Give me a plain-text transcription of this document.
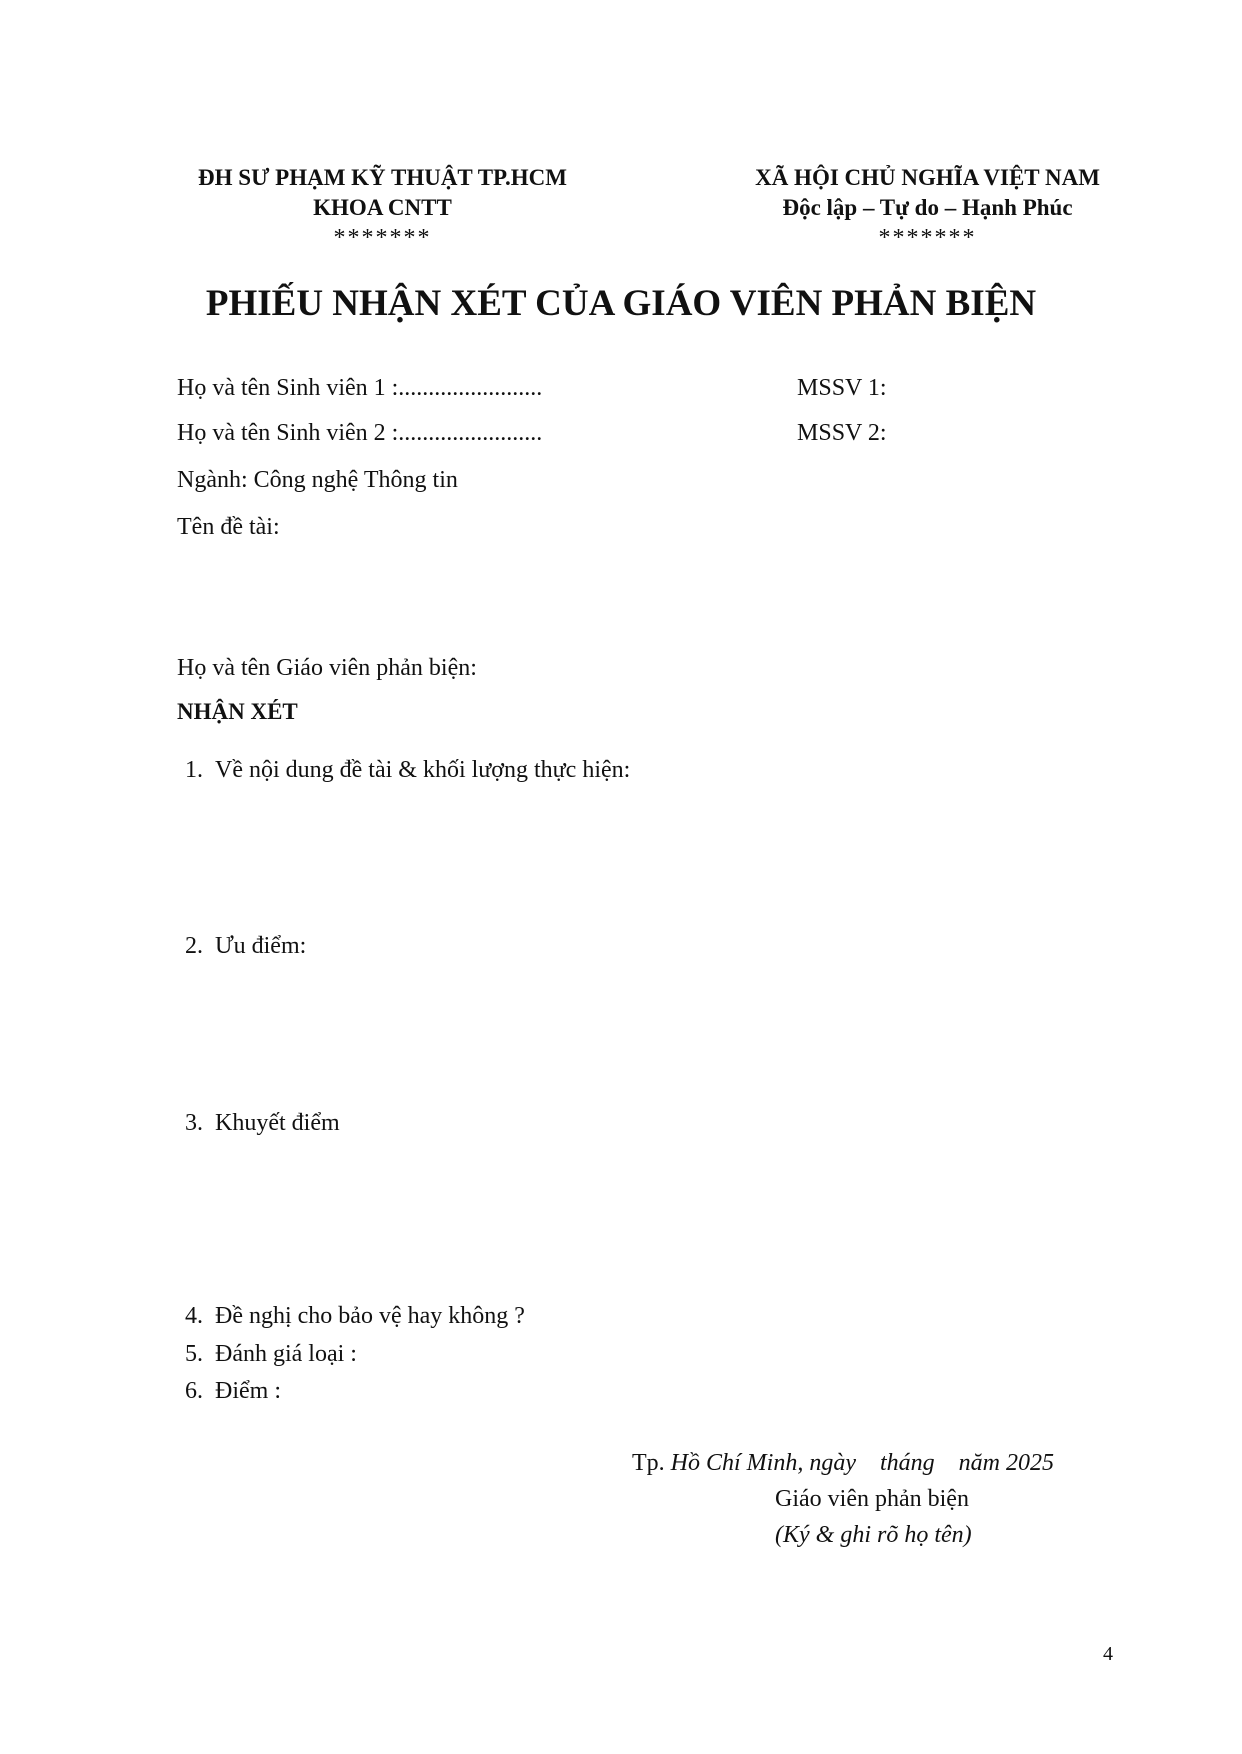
ĐH SƯ PHẠM KỸ THUẬT TP.HCM
KHOA CNTT
*******
XÃ HỘI CHỦ NGHĨA VIỆT NAM
Độc lập – Tự do – Hạnh Phúc
*******
PHIẾU NHẬN XÉT CỦA GIÁO VIÊN PHẢN BIỆN
Họ và tên Sinh viên 1 :........................	MSSV 1:
Họ và tên Sinh viên 2 :........................	MSSV 2:
Ngành: Công nghệ Thông tin
Tên đề tài:
Họ và tên Giáo viên phản biện:
NHẬN XÉT
1. Về nội dung đề tài & khối lượng thực hiện:
2. Ưu điểm:
3. Khuyết điểm
4. Đề nghị cho bảo vệ hay không ?
5. Đánh giá loại :
6. Điểm :
Tp. Hồ Chí Minh, ngày    tháng    năm 2025
Giáo viên phản biện
(Ký & ghi rõ họ tên)
4
